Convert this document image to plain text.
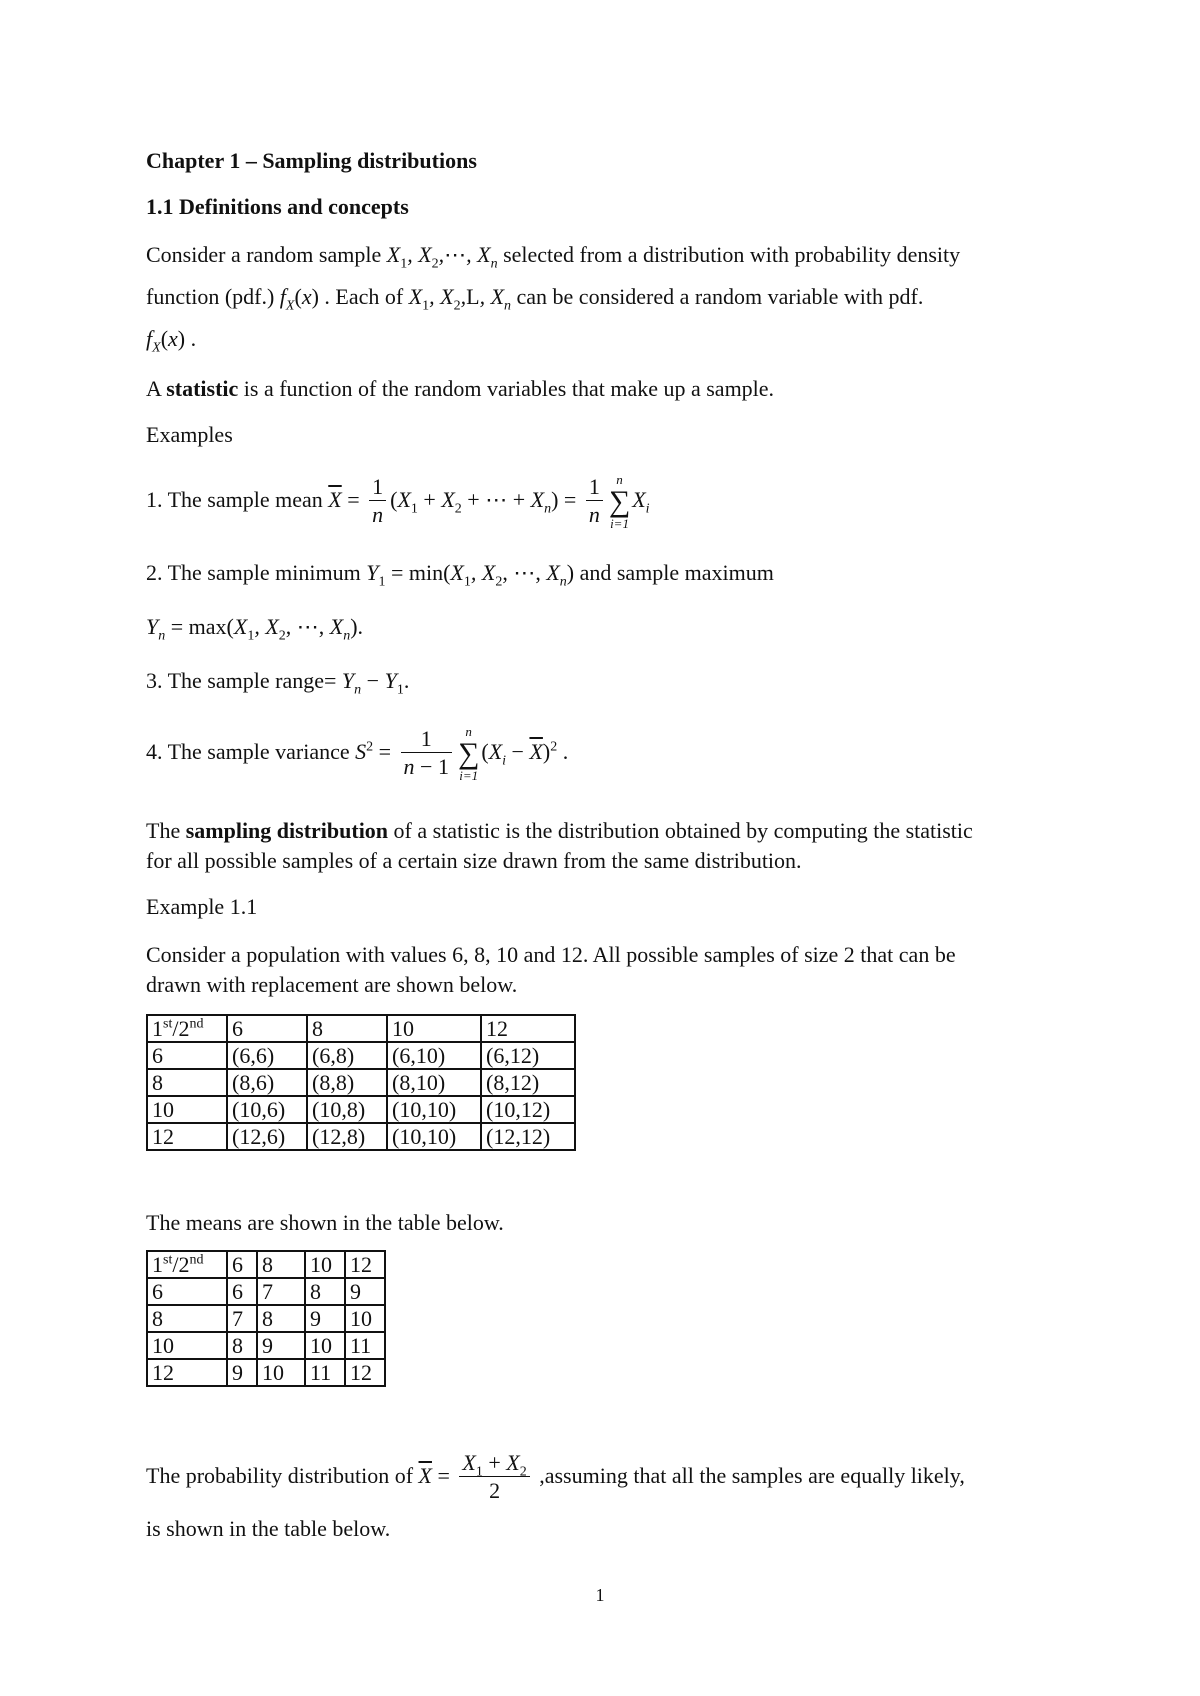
Chapter 1 – Sampling distributions
1.1 Definitions and concepts
Consider a random sample $X_1$, $X_2,\cdots$, $X_n$ selected from a distribution with probability density
function (pdf.) $f_X(x)$ . Each of $X_1$, $X_2,L$, $X_n$ can be considered a random variable with pdf.
$f_X(x)$ .
A statistic is a function of the random variables that make up a sample.
Examples
1. The sample mean $\overline{X} = \frac{1}{n} (X_1 + X_2$ + ⋯ + $X_n) = \frac{1}{n}$	n
∑
i=1
$X_i$
2. The sample minimum $Y_1 = \min(X_1$, $X_2$, ⋯, $X_n$) and sample maximum
$Y_n = \max(X_1$, $X_2$, ⋯, $X_n$).
3. The sample range= $Y_n - Y_1$.
4. The sample variance $S^2 = \frac{1}{n - 1}$	n
∑
i=1
$(X_i - \overline{X})^2$ .
The sampling distribution of a statistic is the distribution obtained by computing the statistic
for all possible samples of a certain size drawn from the same distribution.
Example 1.1
Consider a population with values 6, 8, 10 and 12. All possible samples of size 2 that can be
drawn with replacement are shown below.
1st/2nd	6	8	10	12
6	(6,6)	(6,8)	(6,10)	(6,12)
8	(8,6)	(8,8)	(8,10)	(8,12)
10	(10,6)	(10,8)	(10,10)	(10,12)
12	(12,6)	(12,8)	(10,10)	(12,12)
The means are shown in the table below.
1st/2nd	6	8	10	12
6	6	7	8	9
8	7	8	9	10
10	8	9	10	11
12	9	10	11	12
The probability distribution of $\overline{X} = \frac{X_1 + X_2}{2}$ ,assuming that all the samples are equally likely,
is shown in the table below.
1
